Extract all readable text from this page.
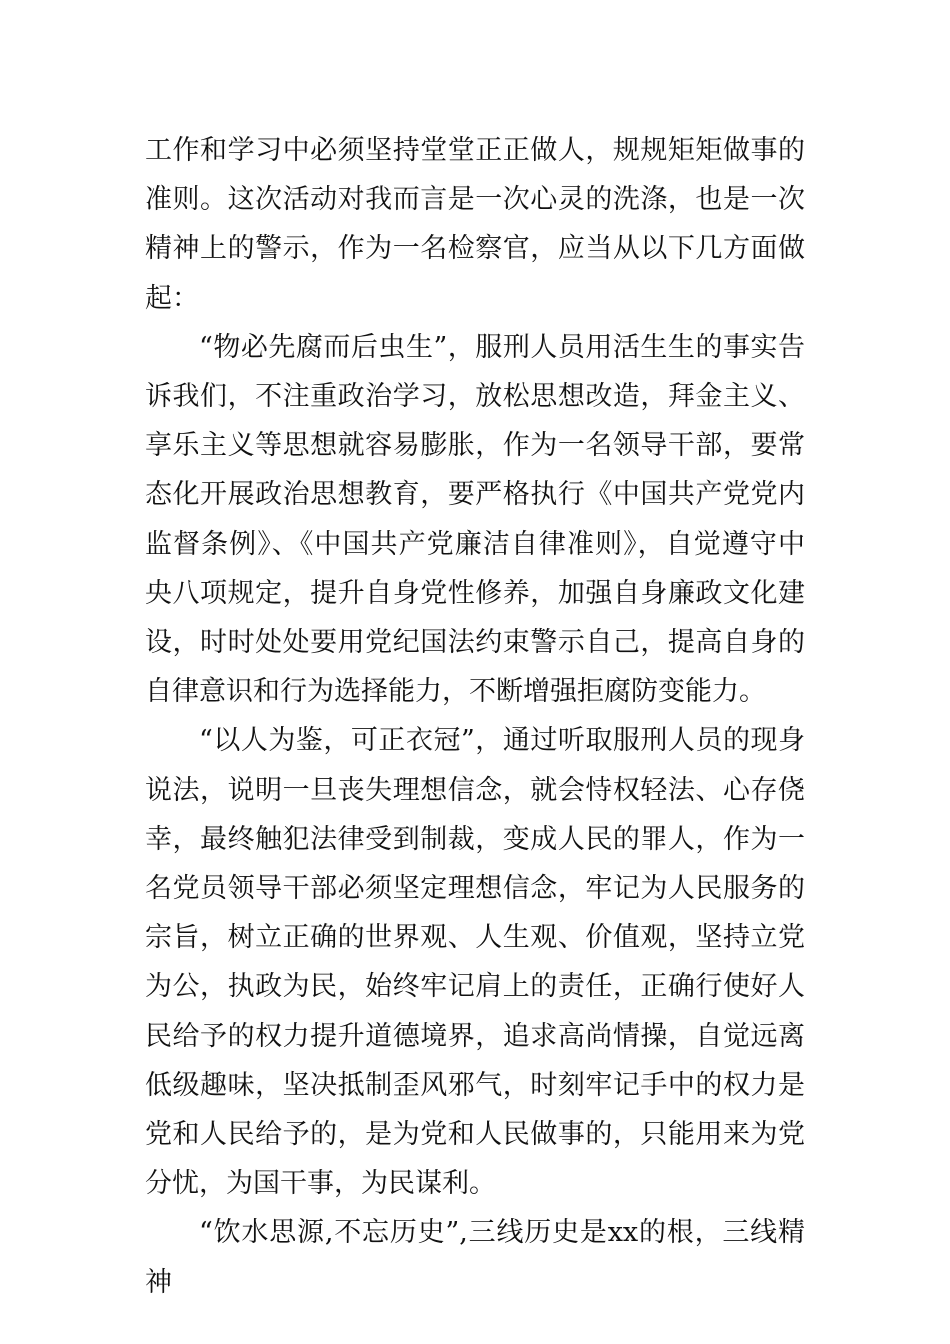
工作和学习中必须坚持堂堂正正做人，规规矩矩做事的准则。这次活动对我而言是一次心灵的洗涤，也是一次精神上的警示，作为一名检察官，应当从以下几方面做起：

“物必先腐而后虫生”，服刑人员用活生生的事实告诉我们，不注重政治学习，放松思想改造，拜金主义、享乐主义等思想就容易膨胀，作为一名领导干部，要常态化开展政治思想教育，要严格执行《中国共产党党内监督条例》、《中国共产党廉洁自律准则》，自觉遵守中央八项规定，提升自身党性修养，加强自身廉政文化建设，时时处处要用党纪国法约束警示自己，提高自身的自律意识和行为选择能力，不断增强拒腐防变能力。

“以人为鉴，可正衣冠”，通过听取服刑人员的现身说法，说明一旦丧失理想信念，就会恃权轻法、心存侥幸，最终触犯法律受到制裁，变成人民的罪人，作为一名党员领导干部必须坚定理想信念，牢记为人民服务的宗旨，树立正确的世界观、人生观、价值观，坚持立党为公，执政为民，始终牢记肩上的责任，正确行使好人民给予的权力提升道德境界，追求高尚情操，自觉远离低级趣味，坚决抵制歪风邪气，时刻牢记手中的权力是党和人民给予的，是为党和人民做事的，只能用来为党分忧，为国干事，为民谋利。

“饮水思源,不忘历史”,三线历史是xx的根，三线精神
